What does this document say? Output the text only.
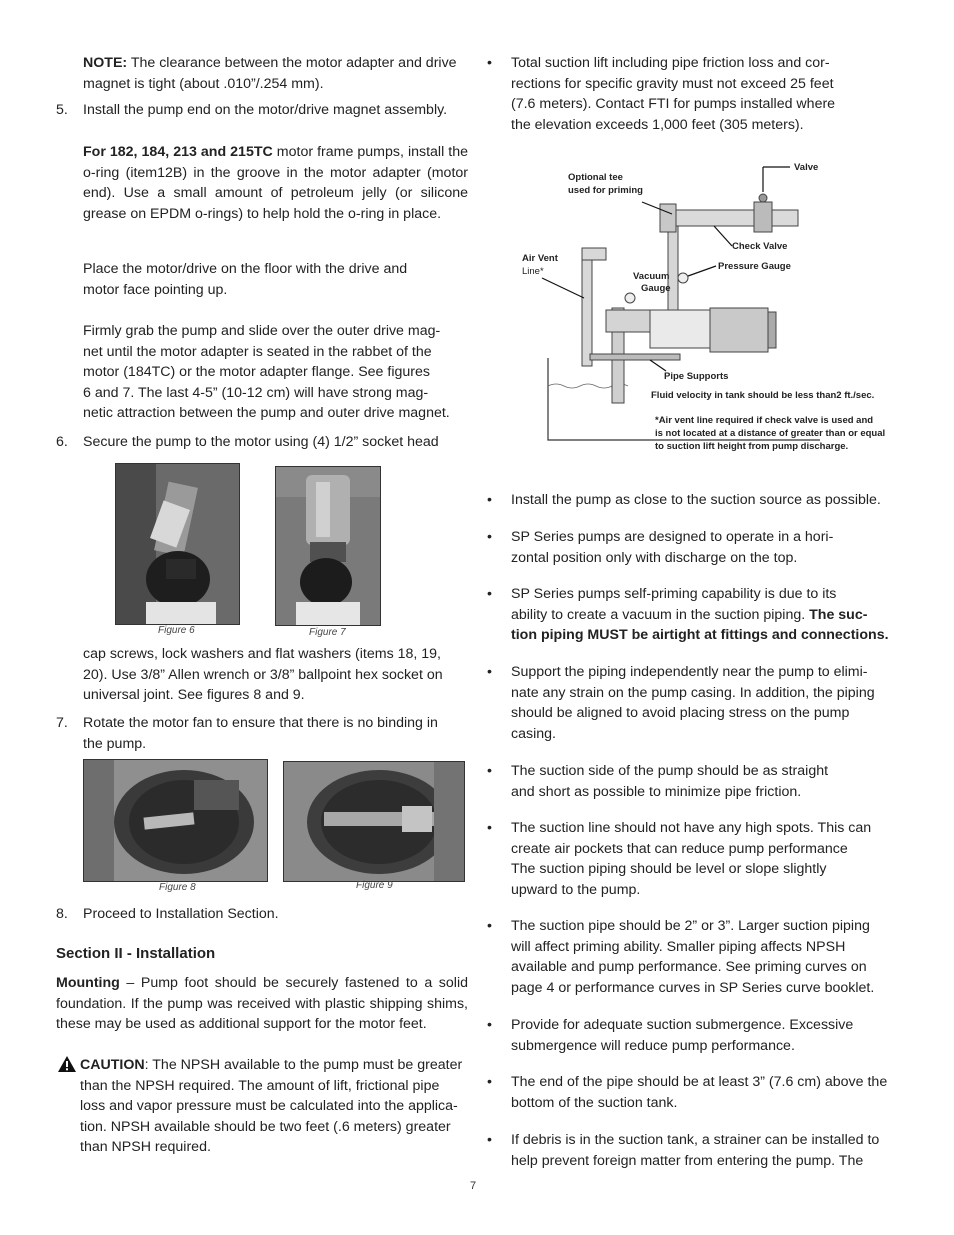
NOTE: The clearance between the motor adapter and drive

magnet is tight (about .010”/.254 mm).

5. Install the pump end on the motor/drive magnet assembly.

For 182, 184, 213 and 215TC motor frame pumps, install the o-ring (item12B) in the groove in the motor adapter (motor end). Use a small amount of petroleum jelly (or silicone grease on EPDM o-rings) to help hold the o-ring in place.

Place the motor/drive on the floor with the drive and

motor face pointing up.

Firmly grab the pump and slide over the outer drive mag-

net until the motor adapter is seated in the rabbet of the

motor (184TC) or the motor adapter flange. See figures

6 and 7. The last 4-5” (10-12 cm) will have strong mag-

netic attraction between the pump and outer drive magnet.

6. Secure the pump to the motor using (4) 1/2” socket head

Figure 6	Figure 7

cap screws, lock washers and flat washers (items 18, 19,

20). Use 3/8” Allen wrench or 3/8” ballpoint hex socket on

universal joint. See figures 8 and 9.

7. Rotate the motor fan to ensure that there is no binding in

the pump.

Figure 8	Figure 9

8. Proceed to Installation Section.

Section II - Installation

Mounting – Pump foot should be securely fastened to a solid foundation. If the pump was received with plastic shipping shims, these may be used as additional support for the motor feet.

CAUTION: The NPSH available to the pump must be greater

than the NPSH required. The amount of lift, frictional pipe

loss and vapor pressure must be calculated into the applica-

tion. NPSH available should be two feet (.6 meters) greater

than NPSH required.

• Total suction lift including pipe friction loss and cor-

rections for specific gravity must not exceed 25 feet

(7.6 meters). Contact FTI for pumps installed where

the elevation exceeds 1,000 feet (305 meters).

Optional tee
used for priming
Valve
Check Valve
Air Vent
Line*	Pressure Gauge
Vacuum
Gauge
Pipe Supports
Fluid velocity in tank should be less than2 ft./sec.
*Air vent line required if check valve is used and
is not located at a distance of greater than or equal
to suction lift height from pump discharge.

• Install the pump as close to the suction source as possible.

• SP Series pumps are designed to operate in a hori-

zontal position only with discharge on the top.

• SP Series pumps self-priming capability is due to its

ability to create a vacuum in the suction piping. The suc-

tion piping MUST be airtight at fittings and connections.

• Support the piping independently near the pump to elimi-

nate any strain on the pump casing. In addition, the piping

should be aligned to avoid placing stress on the pump

casing.

• The suction side of the pump should be as straight

and short as possible to minimize pipe friction.

• The suction line should not have any high spots. This can

create air pockets that can reduce pump performance

The suction piping should be level or slope slightly

upward to the pump.

• The suction pipe should be 2” or 3”. Larger suction piping

will affect priming ability. Smaller piping affects NPSH

available and pump performance. See priming curves on

page 4 or performance curves in SP Series curve booklet.

• Provide for adequate suction submergence. Excessive

submergence will reduce pump performance.

• The end of the pipe should be at least 3” (7.6 cm) above the

bottom of the suction tank.

• If debris is in the suction tank, a strainer can be installed to

help prevent foreign matter from entering the pump. The

7
